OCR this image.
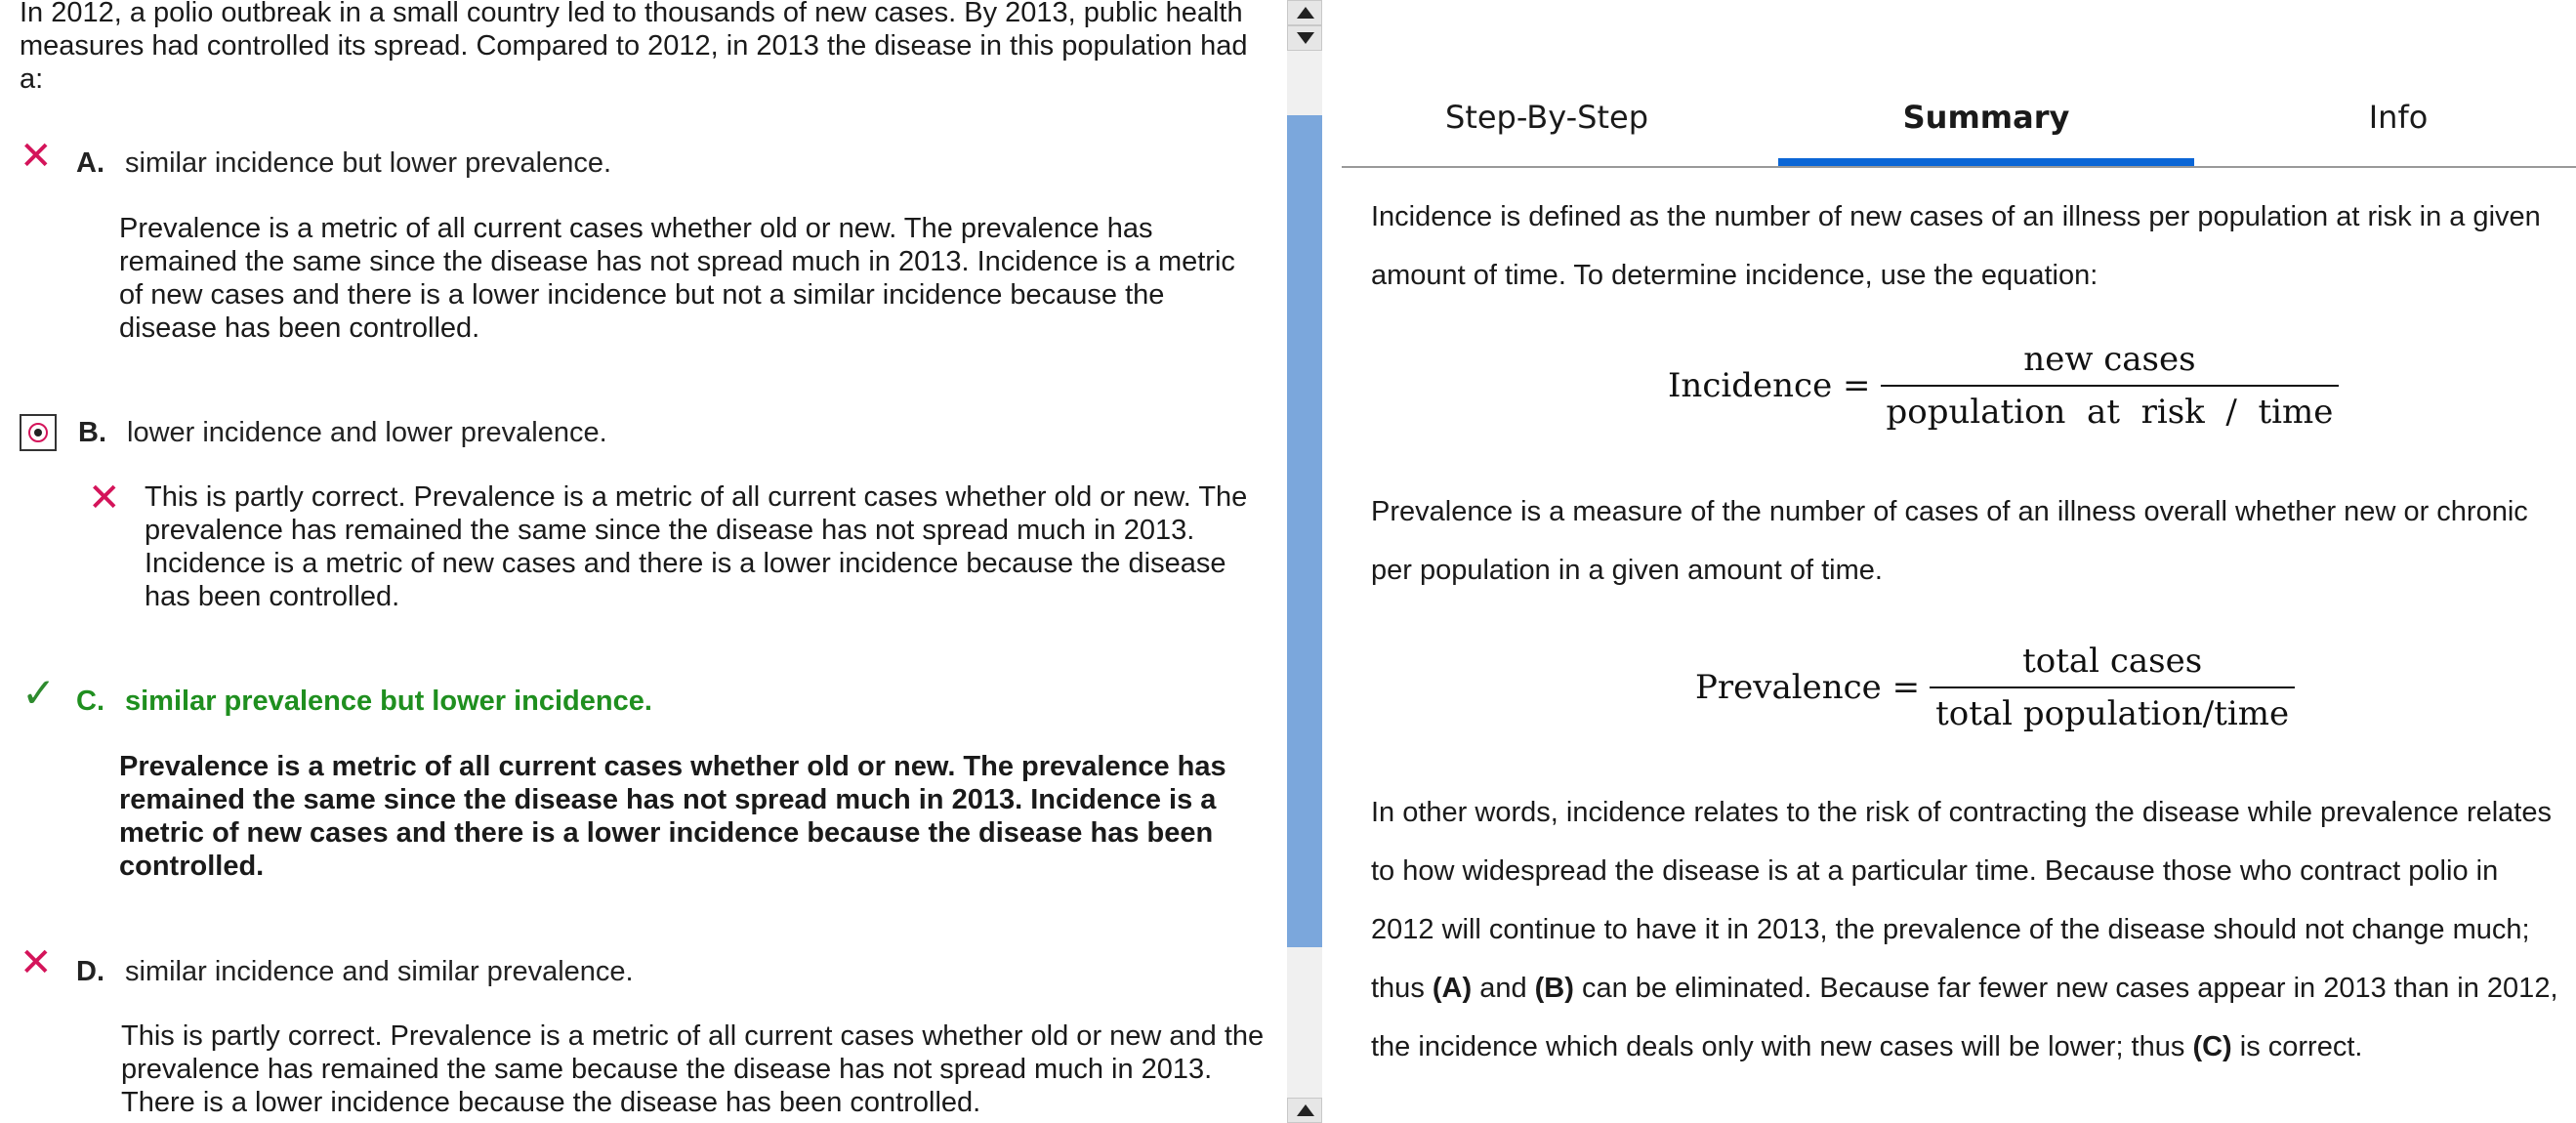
In 2012, a polio outbreak in a small country led to thousands of new cases. By 2013, public health measures had controlled its spread. Compared to 2012, in 2013 the disease in this population had a:
✕ A. similar incidence but lower prevalence.
Prevalence is a metric of all current cases whether old or new. The prevalence has remained the same since the disease has not spread much in 2013. Incidence is a metric of new cases and there is a lower incidence but not a similar incidence because the disease has been controlled.
B. lower incidence and lower prevalence.
✕ This is partly correct. Prevalence is a metric of all current cases whether old or new. The prevalence has remained the same since the disease has not spread much in 2013. Incidence is a metric of new cases and there is a lower incidence because the disease has been controlled.
✓ C. similar prevalence but lower incidence.
Prevalence is a metric of all current cases whether old or new. The prevalence has remained the same since the disease has not spread much in 2013. Incidence is a metric of new cases and there is a lower incidence because the disease has been controlled.
✕ D. similar incidence and similar prevalence.
This is partly correct. Prevalence is a metric of all current cases whether old or new and the prevalence has remained the same because the disease has not spread much in 2013. There is a lower incidence because the disease has been controlled.
Step-By-Step	Summary	Info
Incidence is defined as the number of new cases of an illness per population at risk in a given amount of time. To determine incidence, use the equation:
Incidence = $\frac{\text{new cases}}{\text{population  at  risk  /  time}}$
Prevalence is a measure of the number of cases of an illness overall whether new or chronic per population in a given amount of time.
Prevalence = $\frac{\text{total cases}}{\text{total population/time}}$
In other words, incidence relates to the risk of contracting the disease while prevalence relates to how widespread the disease is at a particular time. Because those who contract polio in 2012 will continue to have it in 2013, the prevalence of the disease should not change much; thus (A) and (B) can be eliminated. Because far fewer new cases appear in 2013 than in 2012, the incidence which deals only with new cases will be lower; thus (C) is correct.
